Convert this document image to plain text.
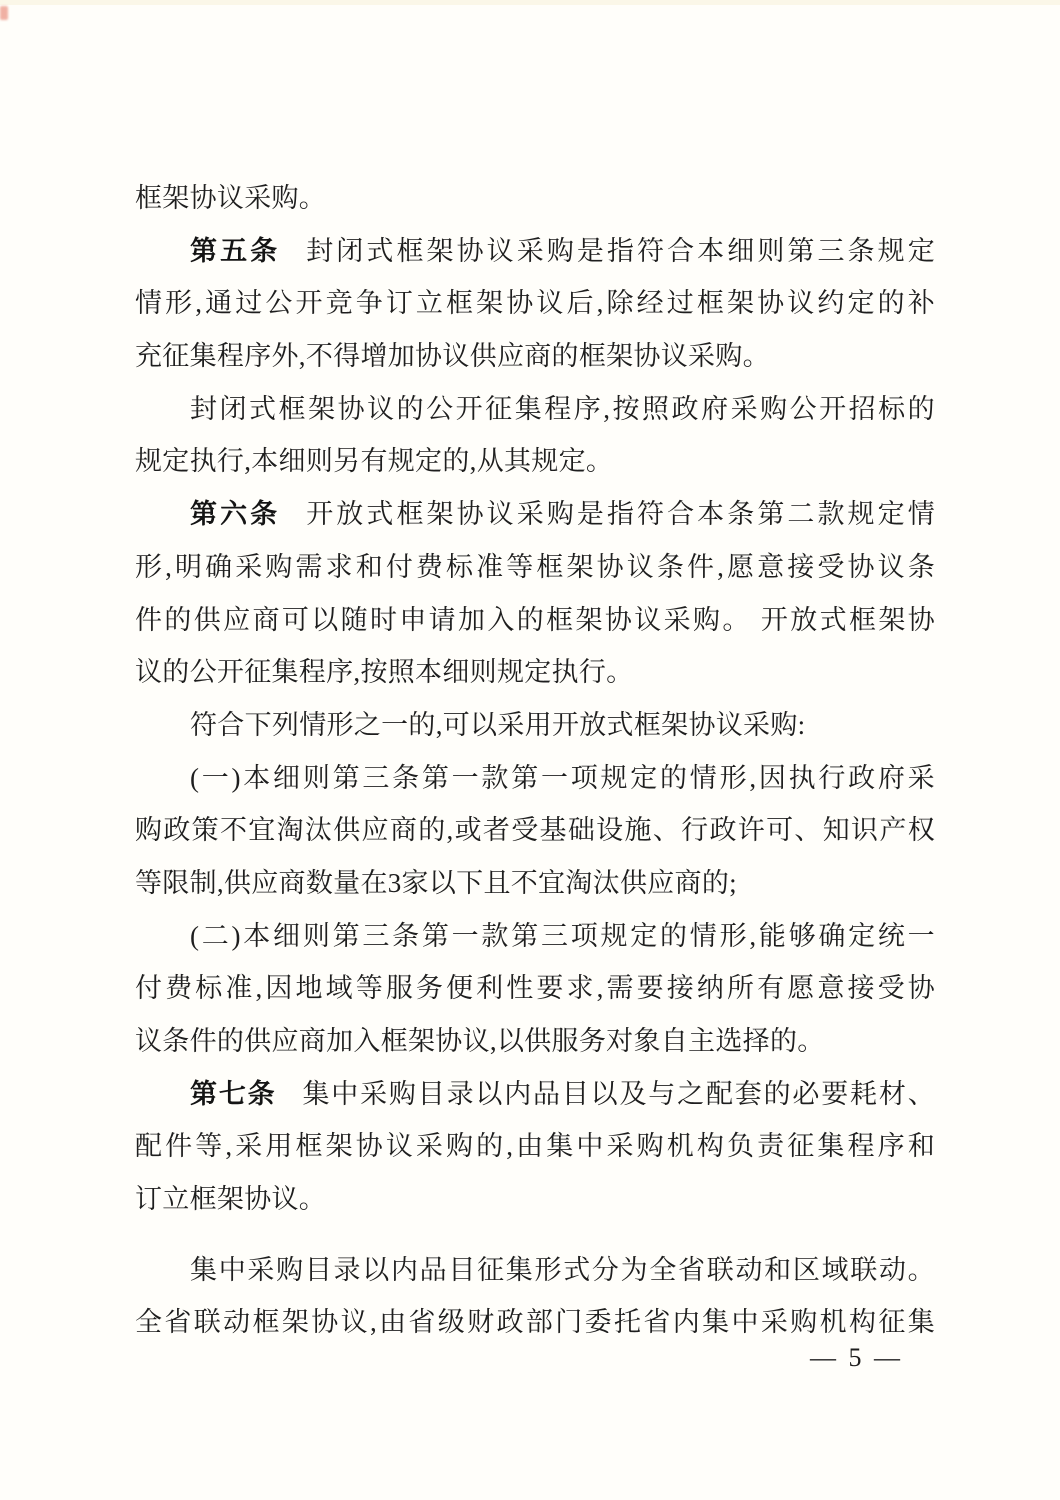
框架协议采购。
第五条 封闭式框架协议采购是指符合本细则第三条规定
情形,通过公开竞争订立框架协议后,除经过框架协议约定的补
充征集程序外,不得增加协议供应商的框架协议采购。
封闭式框架协议的公开征集程序,按照政府采购公开招标的
规定执行,本细则另有规定的,从其规定。
第六条 开放式框架协议采购是指符合本条第二款规定情
形,明确采购需求和付费标准等框架协议条件,愿意接受协议条
件的供应商可以随时申请加入的框架协议采购。 开放式框架协
议的公开征集程序,按照本细则规定执行。
符合下列情形之一的,可以采用开放式框架协议采购:
(一)本细则第三条第一款第一项规定的情形,因执行政府采
购政策不宜淘汰供应商的,或者受基础设施、行政许可、知识产权
等限制,供应商数量在3家以下且不宜淘汰供应商的;
(二)本细则第三条第一款第三项规定的情形,能够确定统一
付费标准,因地域等服务便利性要求,需要接纳所有愿意接受协
议条件的供应商加入框架协议,以供服务对象自主选择的。
第七条 集中采购目录以内品目以及与之配套的必要耗材、
配件等,采用框架协议采购的,由集中采购机构负责征集程序和
订立框架协议。
集中采购目录以内品目征集形式分为全省联动和区域联动。
全省联动框架协议,由省级财政部门委托省内集中采购机构征集
— 5 —
